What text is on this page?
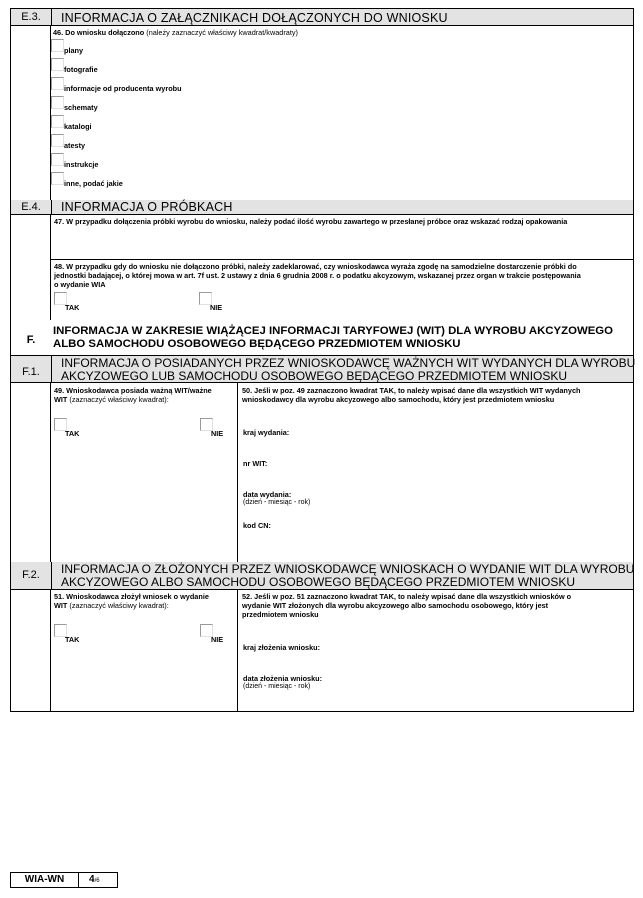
E.3.	INFORMACJA O ZAŁĄCZNIKACH DOŁĄCZONYCH DO WNIOSKU
46. Do wniosku dołączono (należy zaznaczyć właściwy kwadrat/kwadraty)
plany
fotografie
informacje od producenta wyrobu
schematy
katalogi
atesty
instrukcje
inne, podać jakie
E.4.	INFORMACJA O PRÓBKACH
47. W przypadku dołączenia próbki wyrobu do wniosku, należy podać ilość wyrobu zawartego w przesłanej próbce oraz wskazać rodzaj opakowania
48. W przypadku gdy do wniosku nie dołączono próbki, należy zadeklarować, czy wnioskodawca wyraża zgodę na samodzielne dostarczenie próbki do
jednostki badającej, o której mowa w art. 7f ust. 2 ustawy z dnia 6 grudnia 2008 r. o podatku akcyzowym, wskazanej przez organ w trakcie postępowania
o wydanie WIA
TAK	NIE
F.
INFORMACJA W ZAKRESIE WIĄŻĄCEJ INFORMACJI TARYFOWEJ (WIT) DLA WYROBU AKCYZOWEGO
ALBO SAMOCHODU OSOBOWEGO BĘDĄCEGO PRZEDMIOTEM WNIOSKU
F.1.
INFORMACJA O POSIADANYCH PRZEZ WNIOSKODAWCĘ WAŻNYCH WIT WYDANYCH DLA WYROBU
AKCYZOWEGO LUB SAMOCHODU OSOBOWEGO BĘDĄCEGO PRZEDMIOTEM WNIOSKU
49. Wnioskodawca posiada ważną WIT/ważne
WIT (zaznaczyć właściwy kwadrat):
TAK	NIE
50. Jeśli w poz. 49 zaznaczono kwadrat TAK, to należy wpisać dane dla wszystkich WIT wydanych
wnioskodawcy dla wyrobu akcyzowego albo samochodu, który jest przedmiotem wniosku
kraj wydania:
nr WIT:
data wydania:
(dzień - miesiąc - rok)
kod CN:
F.2.	INFORMACJA O ZŁOŻONYCH PRZEZ WNIOSKODAWCĘ WNIOSKACH O WYDANIE WIT DLA WYROBU
AKCYZOWEGO ALBO SAMOCHODU OSOBOWEGO BĘDĄCEGO PRZEDMIOTEM WNIOSKU
51. Wnioskodawca złożył wniosek o wydanie
WIT (zaznaczyć właściwy kwadrat):
TAK	NIE
52. Jeśli w poz. 51 zaznaczono kwadrat TAK, to należy wpisać dane dla wszystkich wniosków o
wydanie WIT złożonych dla wyrobu akcyzowego albo samochodu osobowego, który jest
przedmiotem wniosku
kraj złożenia wniosku:
data złożenia wniosku:
(dzień - miesiąc - rok)
WIA-WN	4/6
